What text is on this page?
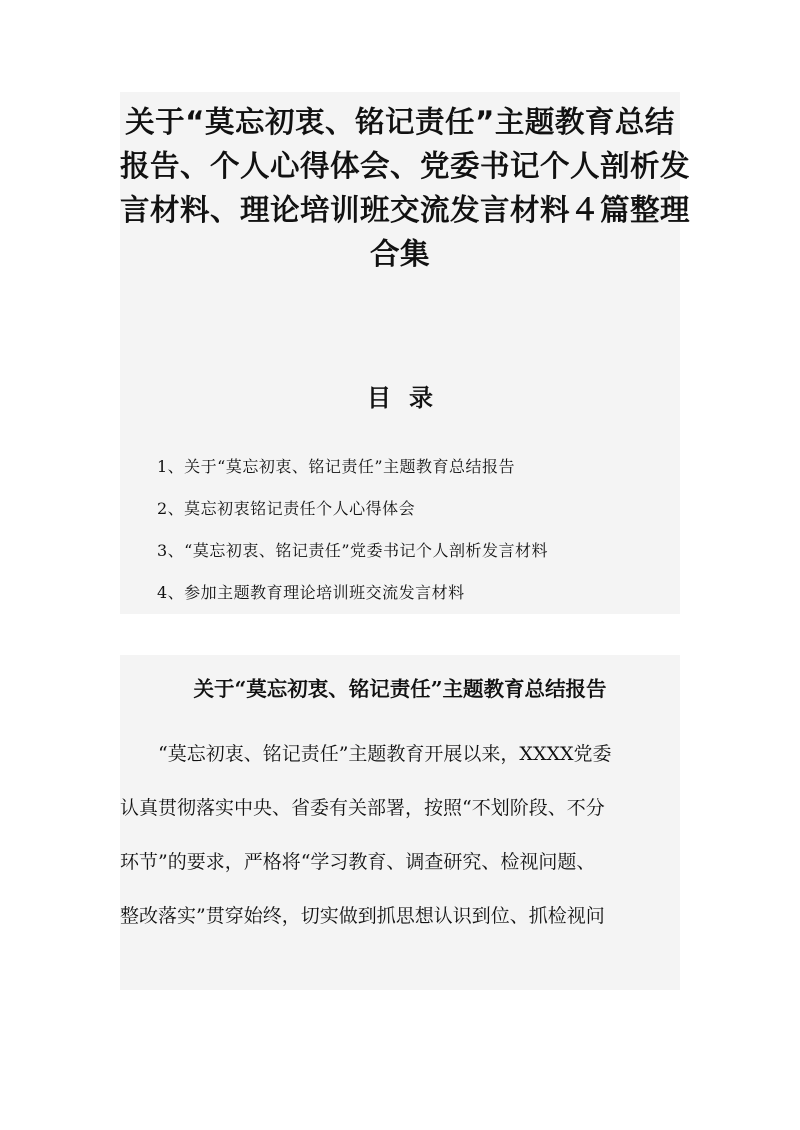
关于“莫忘初衷、铭记责任”主题教育总结
报告、个人心得体会、党委书记个人剖析发
言材料、理论培训班交流发言材料４篇整理
合集
目录
1、关于“莫忘初衷、铭记责任”主题教育总结报告
2、莫忘初衷铭记责任个人心得体会
3、“莫忘初衷、铭记责任”党委书记个人剖析发言材料
4、参加主题教育理论培训班交流发言材料
关于“莫忘初衷、铭记责任”主题教育总结报告

“莫忘初衷、铭记责任”主题教育开展以来，XXXX党委
认真贯彻落实中央、省委有关部署，按照“不划阶段、不分
环节”的要求，严格将“学习教育、调查研究、检视问题、
整改落实”贯穿始终，切实做到抓思想认识到位、抓检视问
